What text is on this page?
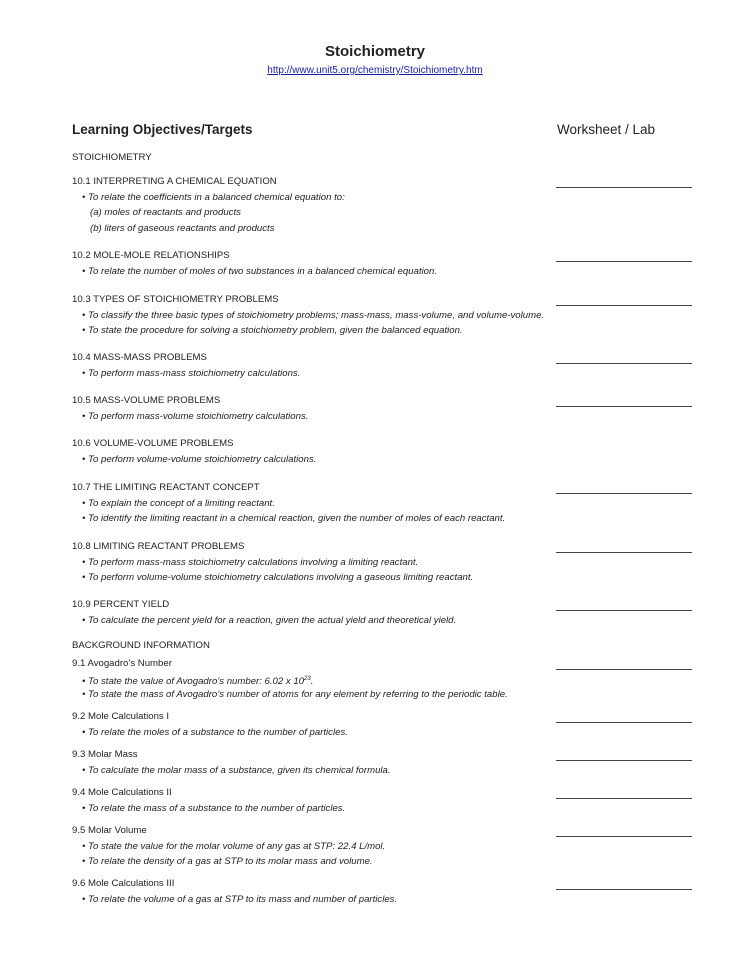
Stoichiometry
http://www.unit5.org/chemistry/Stoichiometry.htm
Learning Objectives/Targets	Worksheet / Lab
STOICHIOMETRY
BACKGROUND INFORMATION
10.1 INTERPRETING A CHEMICAL EQUATION
• To relate the coefficients in a balanced chemical equation to:
(a) moles of reactants and products
(b) liters of gaseous reactants and products
10.2 MOLE-MOLE RELATIONSHIPS
• To relate the number of moles of two substances in a balanced chemical equation.
10.3 TYPES OF STOICHIOMETRY PROBLEMS
• To classify the three basic types of stoichiometry problems; mass-mass, mass-volume, and volume-volume.
• To state the procedure for solving a stoichiometry problem, given the balanced equation.
10.4 MASS-MASS PROBLEMS
• To perform mass-mass stoichiometry calculations.
10.5 MASS-VOLUME PROBLEMS
• To perform mass-volume stoichiometry calculations.
10.6 VOLUME-VOLUME PROBLEMS
• To perform volume-volume stoichiometry calculations.
10.7 THE LIMITING REACTANT CONCEPT
• To explain the concept of a limiting reactant.
• To identify the limiting reactant in a chemical reaction, given the number of moles of each reactant.
10.8 LIMITING REACTANT PROBLEMS
• To perform mass-mass stoichiometry calculations involving a limiting reactant.
• To perform volume-volume stoichiometry calculations involving a gaseous limiting reactant.
10.9 PERCENT YIELD
• To calculate the percent yield for a reaction, given the actual yield and theoretical yield.
9.1 Avogadro’s Number
• To state the value of Avogadro’s number: 6.02 x $10^{23}$.
• To state the mass of Avogadro’s number of atoms for any element by referring to the periodic table.
9.2 Mole Calculations I
• To relate the moles of a substance to the number of particles.
9.3 Molar Mass
• To calculate the molar mass of a substance, given its chemical formula.
9.4 Mole Calculations II
• To relate the mass of a substance to the number of particles.
9.5 Molar Volume
• To state the value for the molar volume of any gas at STP: 22.4 L/mol.
• To relate the density of a gas at STP to its molar mass and volume.
9.6 Mole Calculations III
• To relate the volume of a gas at STP to its mass and number of particles.
